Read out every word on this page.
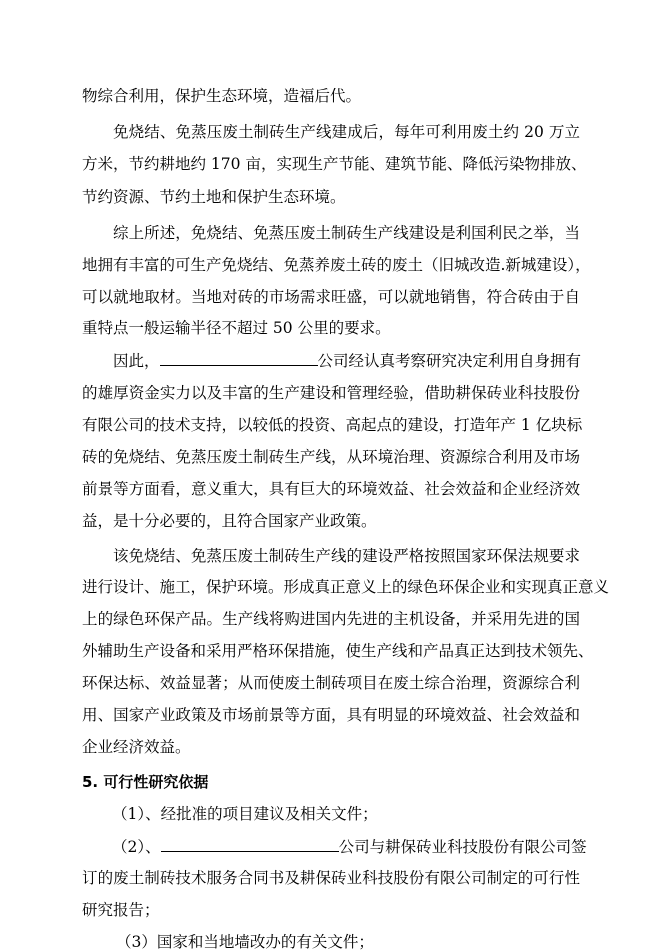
物综合利用，保护生态环境，造福后代。

免烧结、免蒸压废土制砖生产线建成后，每年可利用废土约 20 万立

方米，节约耕地约 170 亩，实现生产节能、建筑节能、降低污染物排放、

节约资源、节约土地和保护生态环境。

综上所述，免烧结、免蒸压废土制砖生产线建设是利国利民之举，当

地拥有丰富的可生产免烧结、免蒸养废土砖的废土（旧城改造.新城建设），

可以就地取材。当地对砖的市场需求旺盛，可以就地销售，符合砖由于自

重特点一般运输半径不超过 50 公里的要求。

因此，	公司经认真考察研究决定利用自身拥有

的雄厚资金实力以及丰富的生产建设和管理经验，借助耕保砖业科技股份

有限公司的技术支持，以较低的投资、高起点的建设，打造年产 1 亿块标

砖的免烧结、免蒸压废土制砖生产线，从环境治理、资源综合利用及市场

前景等方面看，意义重大，具有巨大的环境效益、社会效益和企业经济效

益，是十分必要的，且符合国家产业政策。

该免烧结、免蒸压废土制砖生产线的建设严格按照国家环保法规要求

进行设计、施工，保护环境。形成真正意义上的绿色环保企业和实现真正意义

上的绿色环保产品。生产线将购进国内先进的主机设备，并采用先进的国

外辅助生产设备和采用严格环保措施，使生产线和产品真正达到技术领先、

环保达标、效益显著；从而使废土制砖项目在废土综合治理，资源综合利

用、国家产业政策及市场前景等方面，具有明显的环境效益、社会效益和

企业经济效益。

5. 可行性研究依据

（1）、经批准的项目建议及相关文件；

（2）、	公司与耕保砖业科技股份有限公司签

订的废土制砖技术服务合同书及耕保砖业科技股份有限公司制定的可行性

研究报告；

（3）国家和当地墙改办的有关文件；
